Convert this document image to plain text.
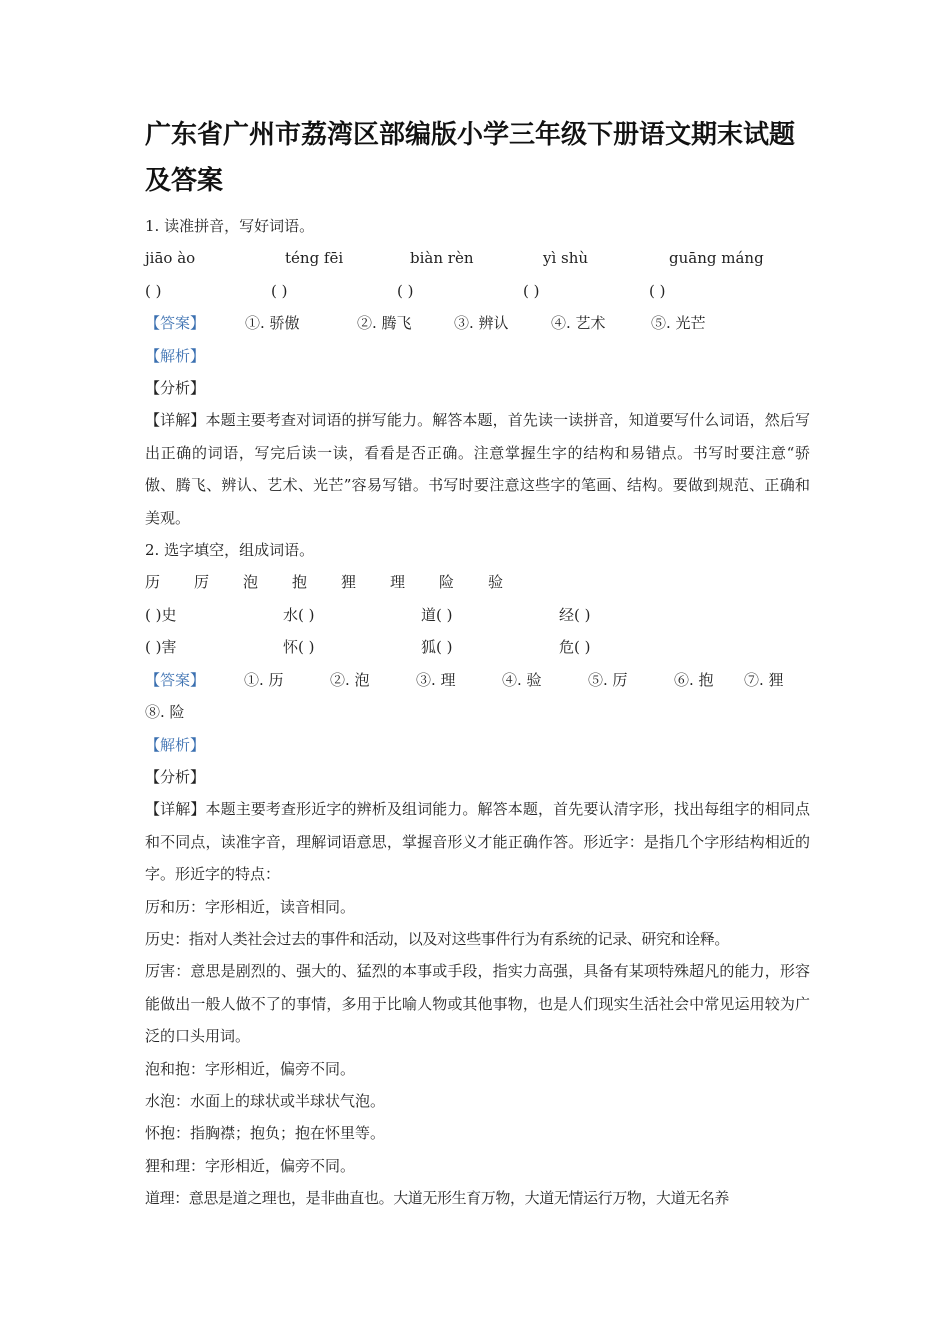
广东省广州市荔湾区部编版小学三年级下册语文期末试题
及答案
1. 读准拼音，写好词语。
jiāo ào	téng fēi	biàn rèn	yì shù	guāng máng
( )	( )	( )	( )	( )
【答案】	①. 骄傲	②. 腾飞	③. 辨认	④. 艺术	⑤. 光芒
【解析】
【分析】
【详解】本题主要考查对词语的拼写能力。解答本题，首先读一读拼音，知道要写什么词语，然后写出正确的词语，写完后读一读，看看是否正确。注意掌握生字的结构和易错点。书写时要注意“骄傲、腾飞、辨认、艺术、光芒”容易写错。书写时要注意这些字的笔画、结构。要做到规范、正确和美观。
2. 选字填空，组成词语。
历	厉	泡	抱	狸	理	险	验
( )史	水( )	道( )	经( )
( )害	怀( )	狐( )	危( )
【答案】	①. 历	②. 泡	③. 理	④. 验	⑤. 厉	⑥. 抱	⑦. 狸
⑧. 险
【解析】
【分析】
【详解】本题主要考查形近字的辨析及组词能力。解答本题，首先要认清字形，找出每组字的相同点和不同点，读准字音，理解词语意思，掌握音形义才能正确作答。形近字：是指几个字形结构相近的字。形近字的特点：
厉和历：字形相近，读音相同。
历史：指对人类社会过去的事件和活动，以及对这些事件行为有系统的记录、研究和诠释。
厉害：意思是剧烈的、强大的、猛烈的本事或手段，指实力高强，具备有某项特殊超凡的能力，形容能做出一般人做不了的事情，多用于比喻人物或其他事物，也是人们现实生活社会中常见运用较为广泛的口头用词。
泡和抱：字形相近，偏旁不同。
水泡：水面上的球状或半球状气泡。
怀抱：指胸襟；抱负；抱在怀里等。
狸和理：字形相近，偏旁不同。
道理：意思是道之理也，是非曲直也。大道无形生育万物，大道无情运行万物，大道无名养
